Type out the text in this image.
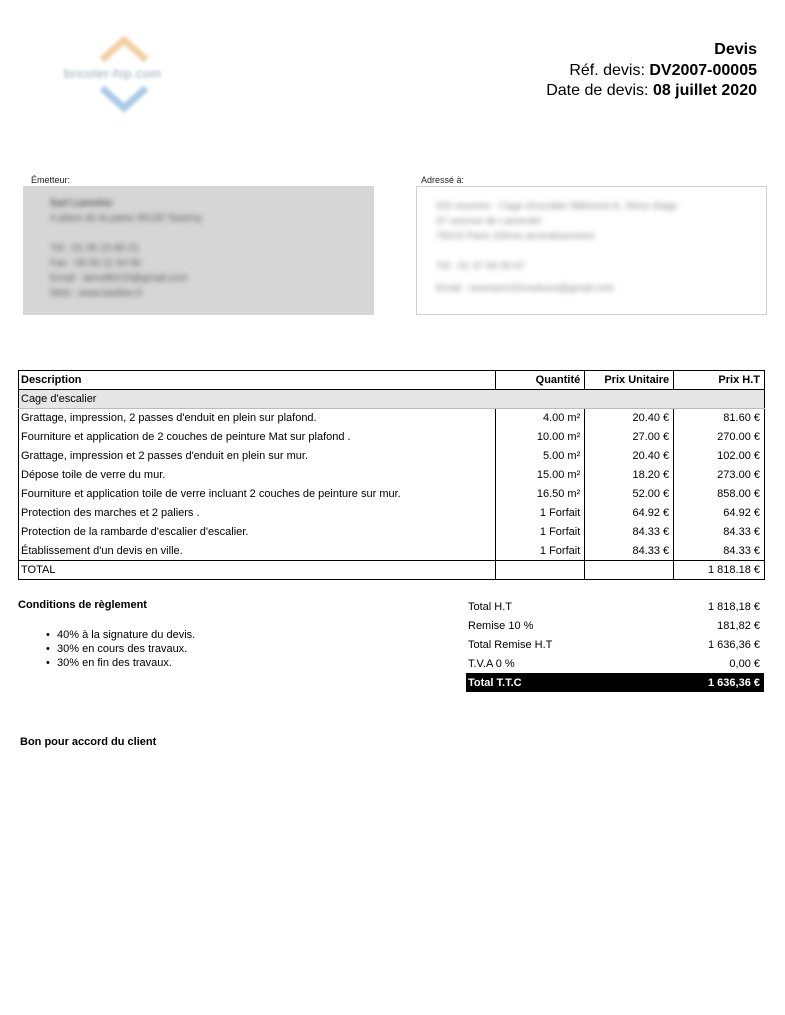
bricoler-hip.com
Devis
Réf. devis: DV2007-00005
Date de devis: 08 juillet 2020
Émetteur:
Sarl Lamolee
4 place de la paine 95130 Taverny
Tél : 01 30 15 80 21
Fax : 06 50 11 54 56
Email : lamoll6215@gmail.com
Web : www.lastilee.fr
Adressé à:
SSI soumee - Cage d'escalier Bâtiment A, 2ème étage
37 avenue de Lamerdel
75015 Paris 15ème arrondissement
Tél : 01 47 06 09 67
Email : soumee115couleurs@gmail.com
Description	Quantité	Prix Unitaire	Prix H.T
Cage d'escalier			
Grattage, impression, 2 passes d'enduit en plein sur plafond.	4.00 m²	20.40 €	81.60 €
Fourniture et application de 2 couches de peinture Mat sur plafond .	10.00 m²	27.00 €	270.00 €
Grattage, impression et 2 passes d'enduit en plein sur mur.	5.00 m²	20.40 €	102.00 €
Dépose toile de verre du mur.	15.00 m²	18.20 €	273.00 €
Fourniture et application toile de verre incluant 2 couches de peinture sur mur.	16.50 m²	52.00 €	858.00 €
Protection des marches et 2 paliers .	1 Forfait	64.92 €	64.92 €
Protection de la rambarde d'escalier d'escalier.	1 Forfait	84.33 €	84.33 €
Établissement d'un devis en ville.	1 Forfait	84.33 €	84.33 €
TOTAL			1 818.18 €
Conditions de règlement
• 40% à la signature du devis.
• 30% en cours des travaux.
• 30% en fin des travaux.
Total H.T	1 818,18 €
Remise 10 %	181,82 €
Total Remise H.T	1 636,36 €
T.V.A 0 %	0,00 €
Total T.T.C	1 636,36 €
Bon pour accord du client
